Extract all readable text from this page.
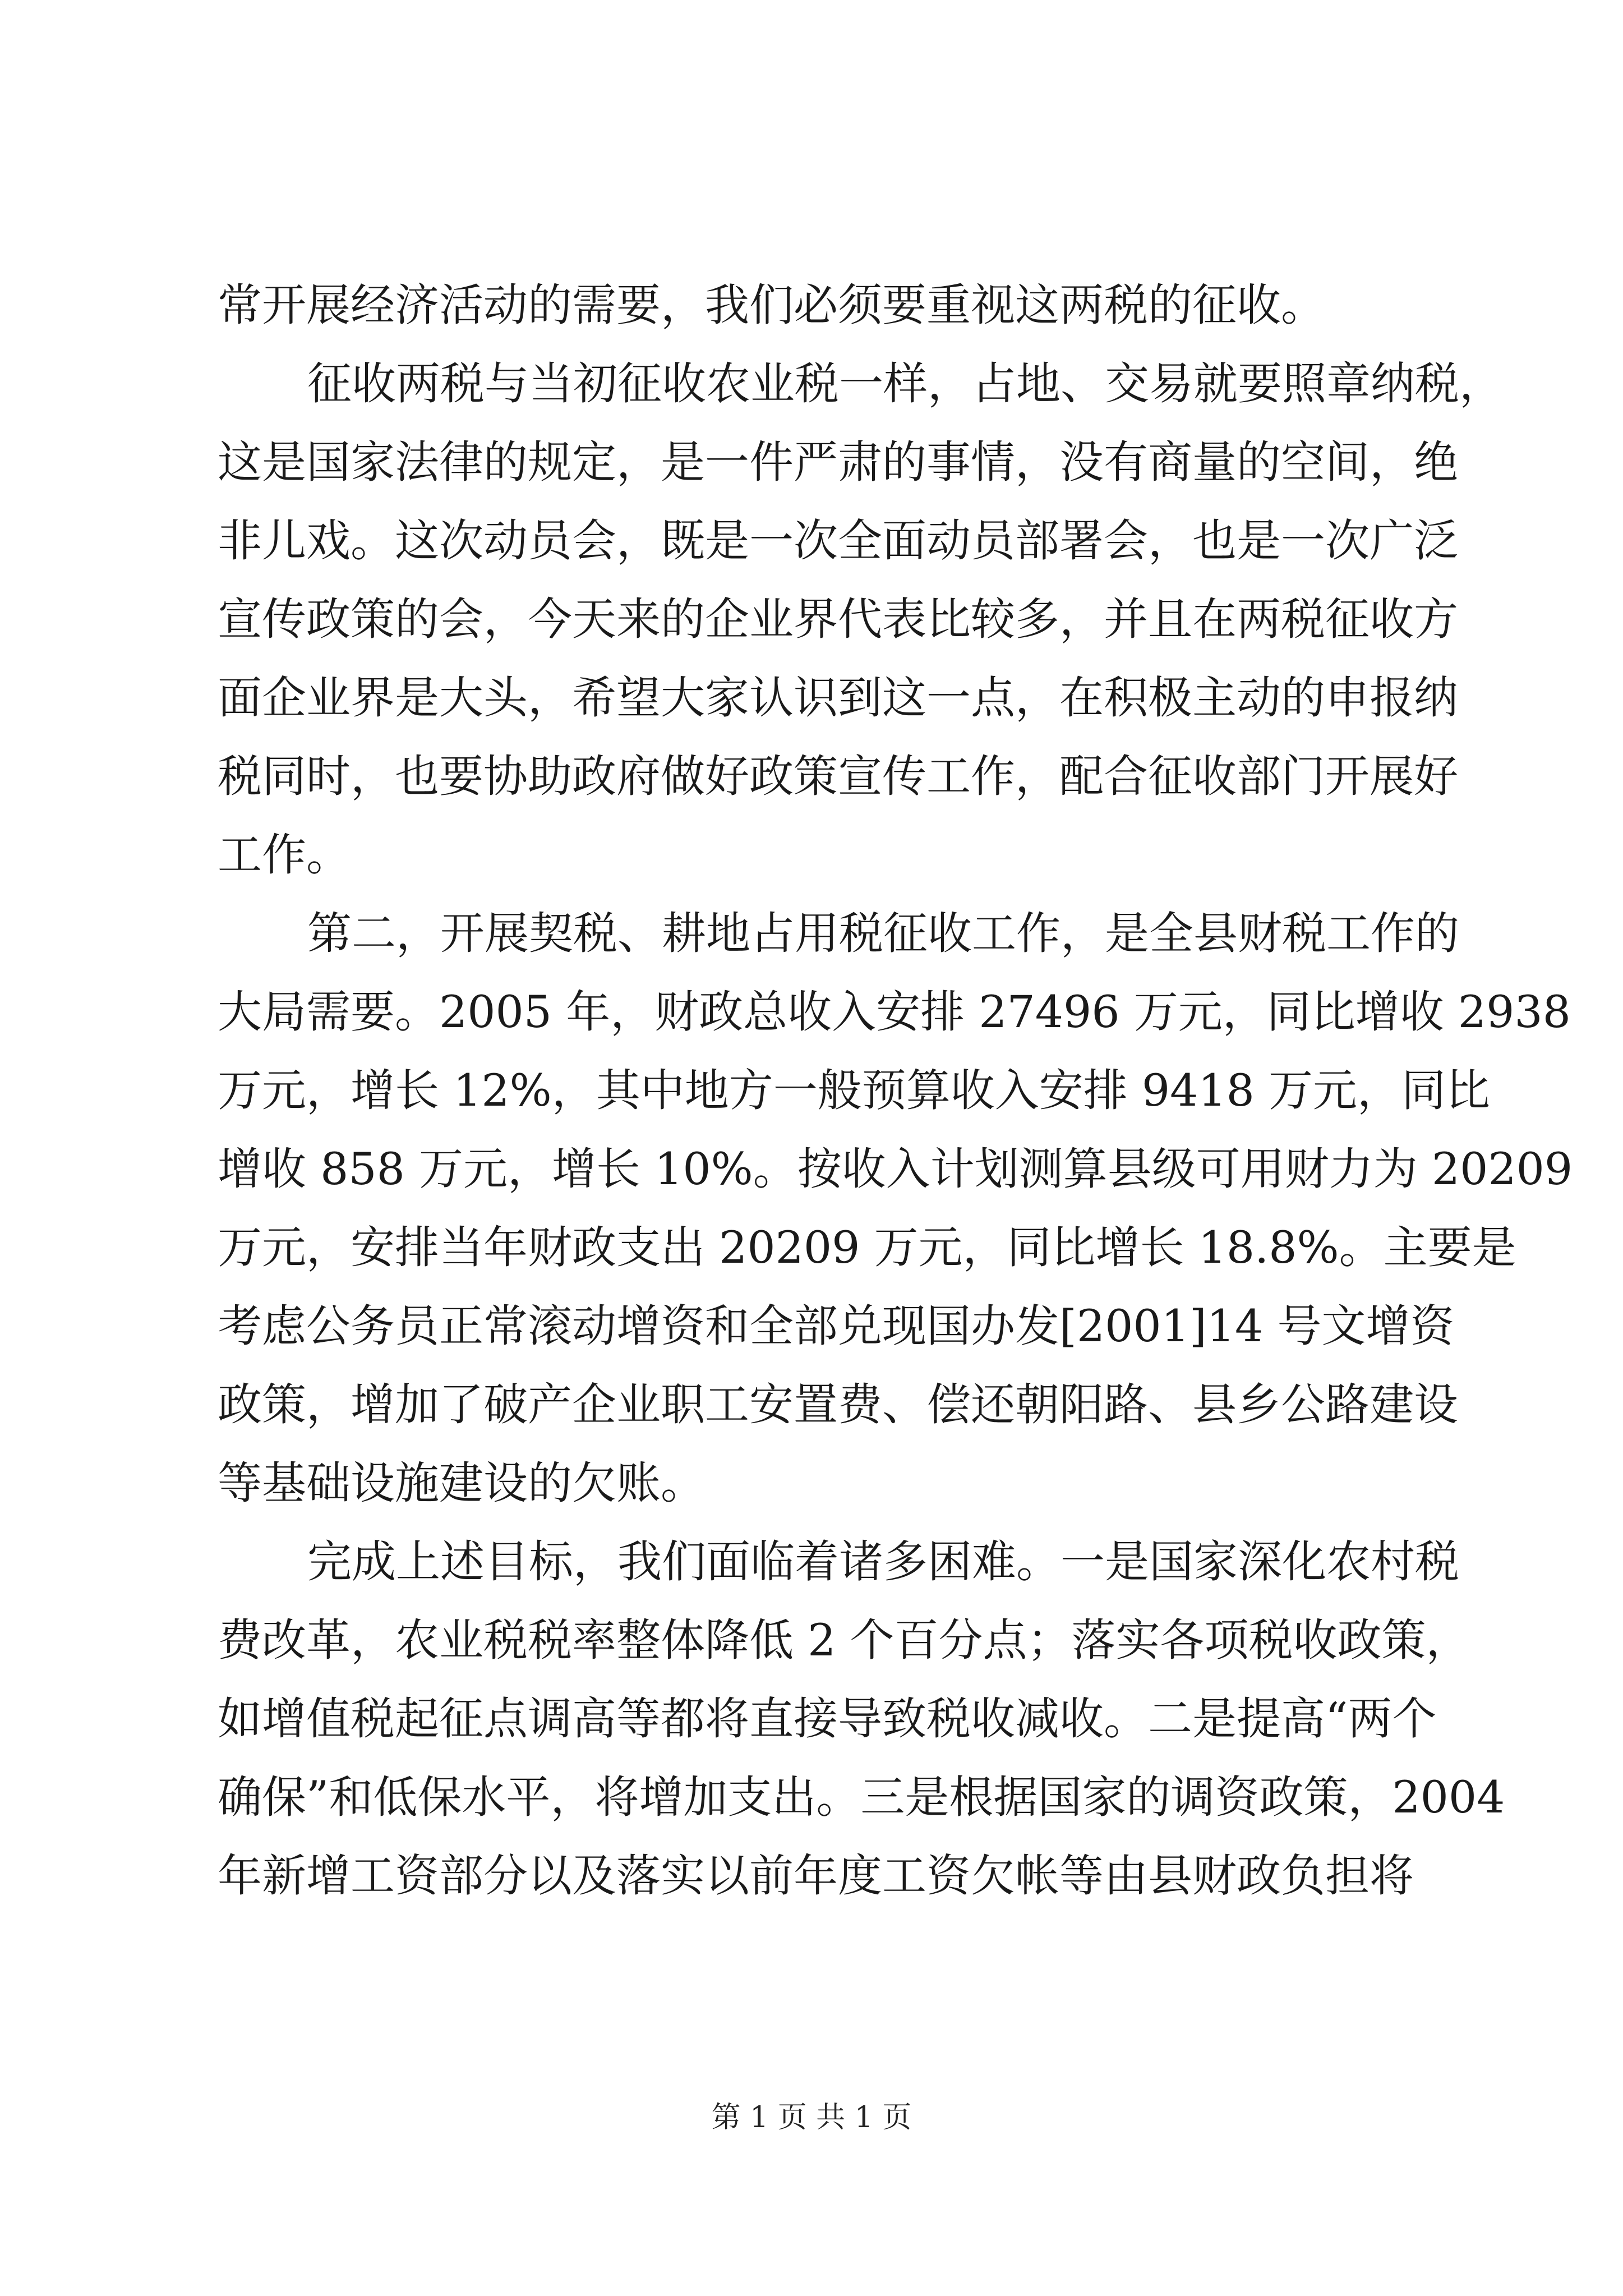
常开展经济活动的需要，我们必须要重视这两税的征收。
征收两税与当初征收农业税一样，占地、交易就要照章纳税，
这是国家法律的规定，是一件严肃的事情，没有商量的空间，绝
非儿戏。这次动员会，既是一次全面动员部署会，也是一次广泛
宣传政策的会，今天来的企业界代表比较多，并且在两税征收方
面企业界是大头，希望大家认识到这一点，在积极主动的申报纳
税同时，也要协助政府做好政策宣传工作，配合征收部门开展好
工作。
第二，开展契税、耕地占用税征收工作，是全县财税工作的
大局需要。2005 年，财政总收入安排 27496 万元，同比增收 2938
万元，增长 12%，其中地方一般预算收入安排 9418 万元，同比
增收 858 万元，增长 10%。按收入计划测算县级可用财力为 20209
万元，安排当年财政支出 20209 万元，同比增长 18.8%。主要是
考虑公务员正常滚动增资和全部兑现国办发[2001]14 号文增资
政策，增加了破产企业职工安置费、偿还朝阳路、县乡公路建设
等基础设施建设的欠账。
完成上述目标，我们面临着诸多困难。一是国家深化农村税
费改革，农业税税率整体降低 2 个百分点；落实各项税收政策，
如增值税起征点调高等都将直接导致税收减收。二是提高“两个
确保”和低保水平，将增加支出。三是根据国家的调资政策，2004
年新增工资部分以及落实以前年度工资欠帐等由县财政负担将
第 1 页 共 1 页
